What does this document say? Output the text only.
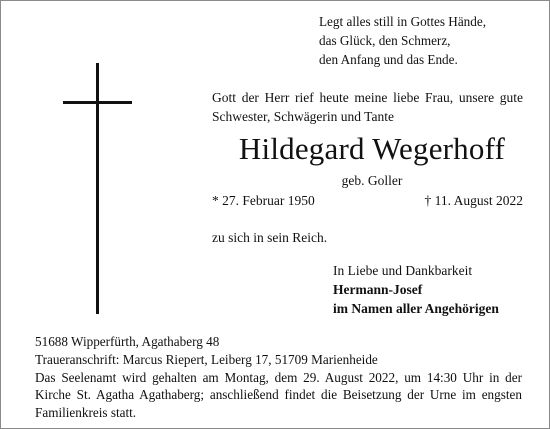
Legt alles still in Gottes Hände,
das Glück, den Schmerz,
den Anfang und das Ende.
Gott der Herr rief heute meine liebe Frau, unsere gute Schwester, Schwägerin und Tante
Hildegard Wegerhoff
geb. Goller
* 27. Februar 1950	† 11. August 2022
zu sich in sein Reich.
In Liebe und Dankbarkeit
Hermann-Josef
im Namen aller Angehörigen
51688 Wipperfürth, Agathaberg 48
Traueranschrift: Marcus Riepert, Leiberg 17, 51709 Marienheide
Das Seelenamt wird gehalten am Montag, dem 29. August 2022, um 14:30 Uhr in der Kirche St. Agatha Agathaberg; anschließend findet die Beisetzung der Urne im engsten Familienkreis statt.
